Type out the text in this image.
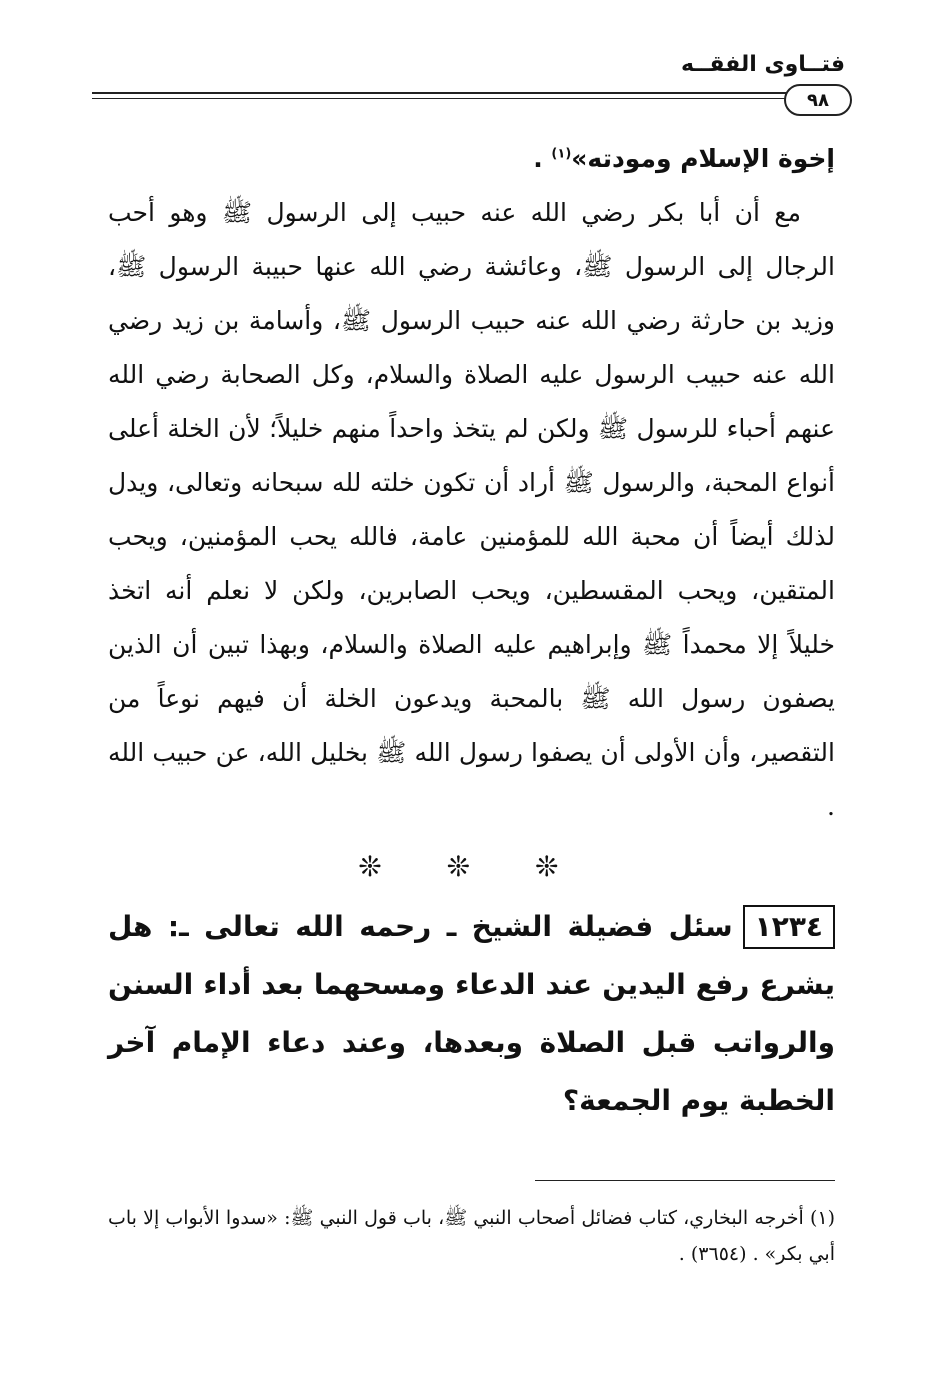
فتــاوى الفقــه
٩٨

إخوة الإسلام ومودته»$^{(١)}$ .

مع أن أبا بكر رضي الله عنه حبيب إلى الرسول ﷺ وهو أحب الرجال إلى الرسول ﷺ، وعائشة رضي الله عنها حبيبة الرسول ﷺ، وزيد بن حارثة رضي الله عنه حبيب الرسول ﷺ، وأسامة بن زيد رضي الله عنه حبيب الرسول عليه الصلاة والسلام، وكل الصحابة رضي الله عنهم أحباء للرسول ﷺ ولكن لم يتخذ واحداً منهم خليلاً؛ لأن الخلة أعلى أنواع المحبة، والرسول ﷺ أراد أن تكون خلته لله سبحانه وتعالى، ويدل لذلك أيضاً أن محبة الله للمؤمنين عامة، فالله يحب المؤمنين، ويحب المتقين، ويحب المقسطين، ويحب الصابرين، ولكن لا نعلم أنه اتخذ خليلاً إلا محمداً ﷺ وإبراهيم عليه الصلاة والسلام، وبهذا تبين أن الذين يصفون رسول الله ﷺ بالمحبة ويدعون الخلة أن فيهم نوعاً من التقصير، وأن الأولى أن يصفوا رسول الله ﷺ بخليل الله، عن حبيب الله .

❊ ❊ ❊
١٢٣٤سئل فضيلة الشيخ ـ رحمه الله تعالى ـ: هل يشرع رفع اليدين عند الدعاء ومسحهما بعد أداء السنن والرواتب قبل الصلاة وبعدها، وعند دعاء الإمام آخر الخطبة يوم الجمعة؟

(١) أخرجه البخاري، كتاب فضائل أصحاب النبي ﷺ، باب قول النبي ﷺ: «سدوا الأبواب إلا باب أبي بكر» . (٣٦٥٤) .
